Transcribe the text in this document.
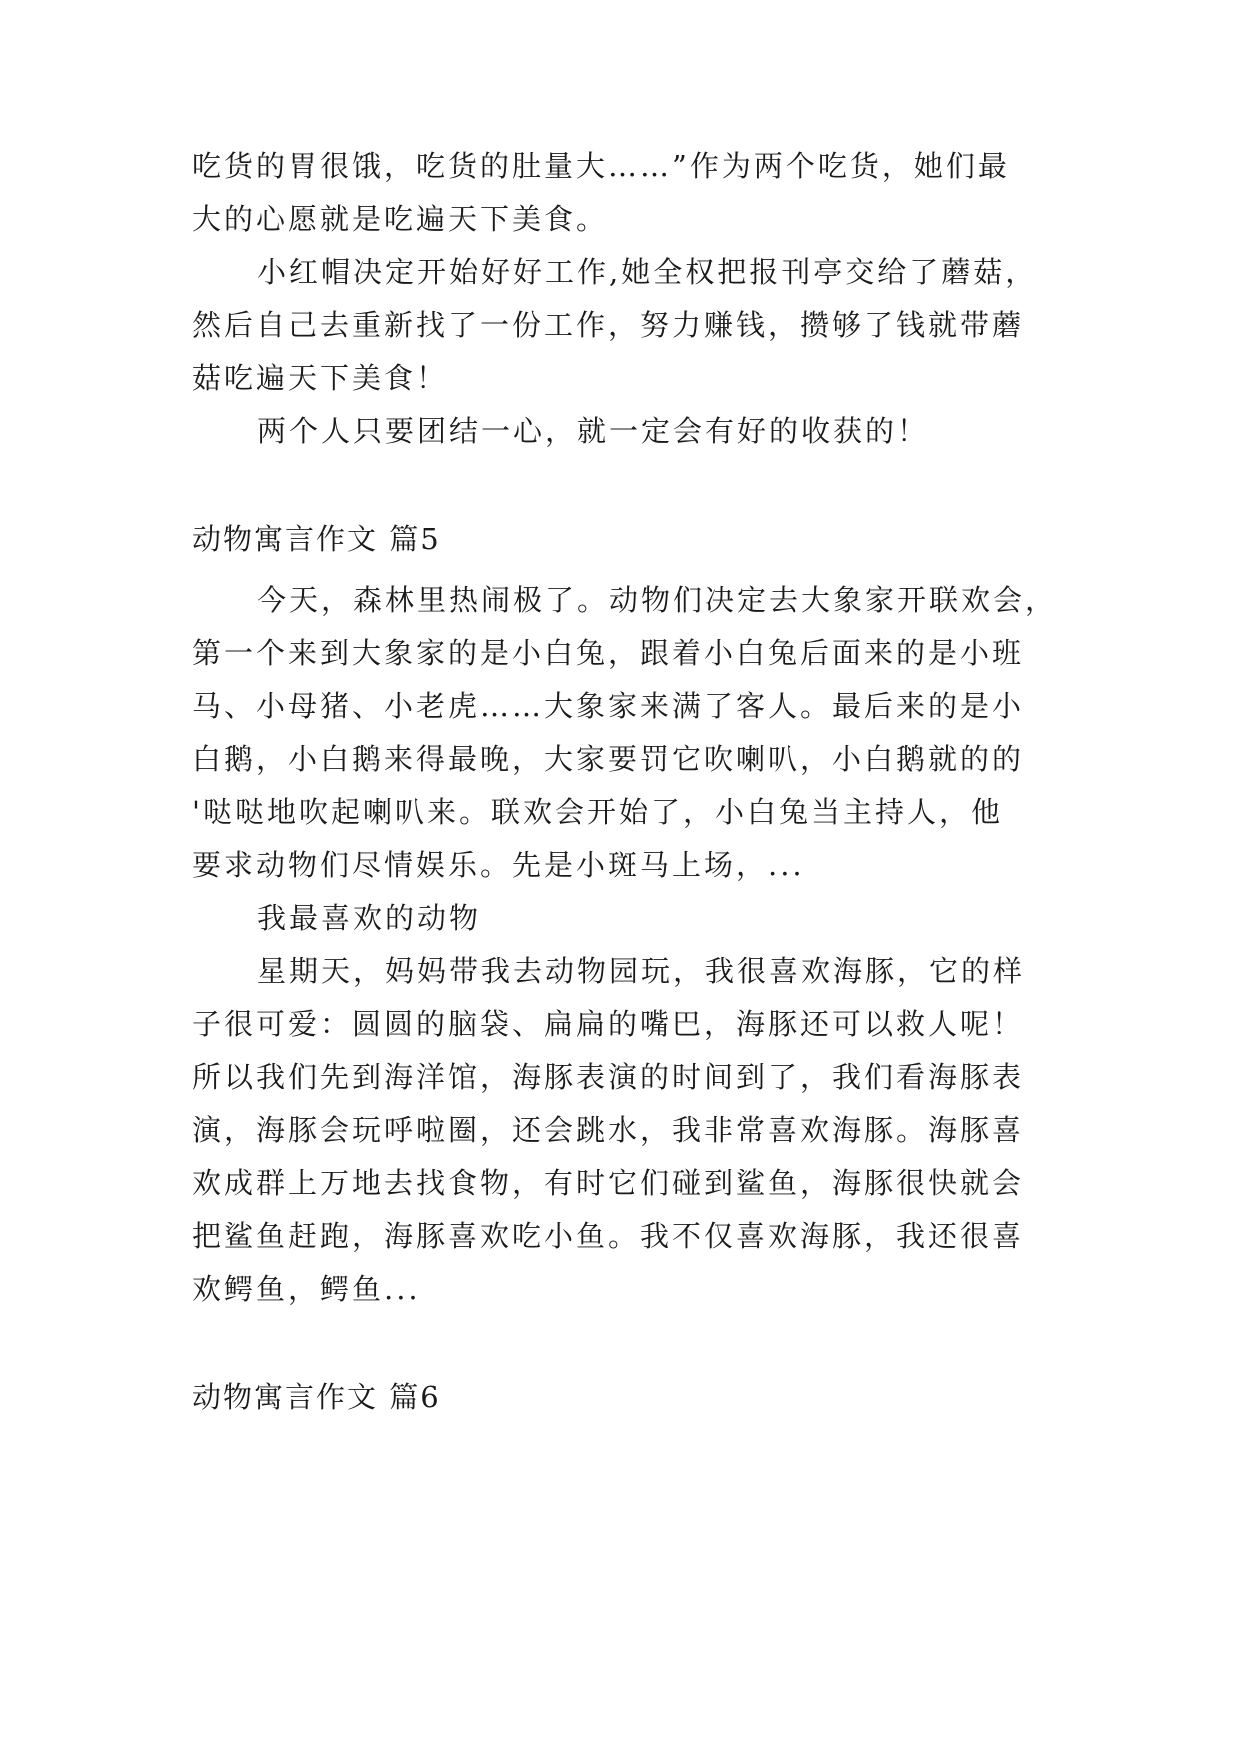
吃货的胃很饿，吃货的肚量大……”作为两个吃货，她们最
大的心愿就是吃遍天下美食。
小红帽决定开始好好工作,她全权把报刊亭交给了蘑菇，
然后自己去重新找了一份工作，努力赚钱，攒够了钱就带蘑
菇吃遍天下美食！
两个人只要团结一心，就一定会有好的收获的！
动物寓言作文 篇5
今天，森林里热闹极了。动物们决定去大象家开联欢会，
第一个来到大象家的是小白兔，跟着小白兔后面来的是小班
马、小母猪、小老虎……大象家来满了客人。最后来的是小
白鹅，小白鹅来得最晚，大家要罚它吹喇叭，小白鹅就的的
'哒哒地吹起喇叭来。联欢会开始了，小白兔当主持人，他
要求动物们尽情娱乐。先是小斑马上场，...
我最喜欢的动物
星期天，妈妈带我去动物园玩，我很喜欢海豚，它的样
子很可爱：圆圆的脑袋、扁扁的嘴巴，海豚还可以救人呢！
所以我们先到海洋馆，海豚表演的时间到了，我们看海豚表
演，海豚会玩呼啦圈，还会跳水，我非常喜欢海豚。海豚喜
欢成群上万地去找食物，有时它们碰到鲨鱼，海豚很快就会
把鲨鱼赶跑，海豚喜欢吃小鱼。我不仅喜欢海豚，我还很喜
欢鳄鱼，鳄鱼...
动物寓言作文 篇6
